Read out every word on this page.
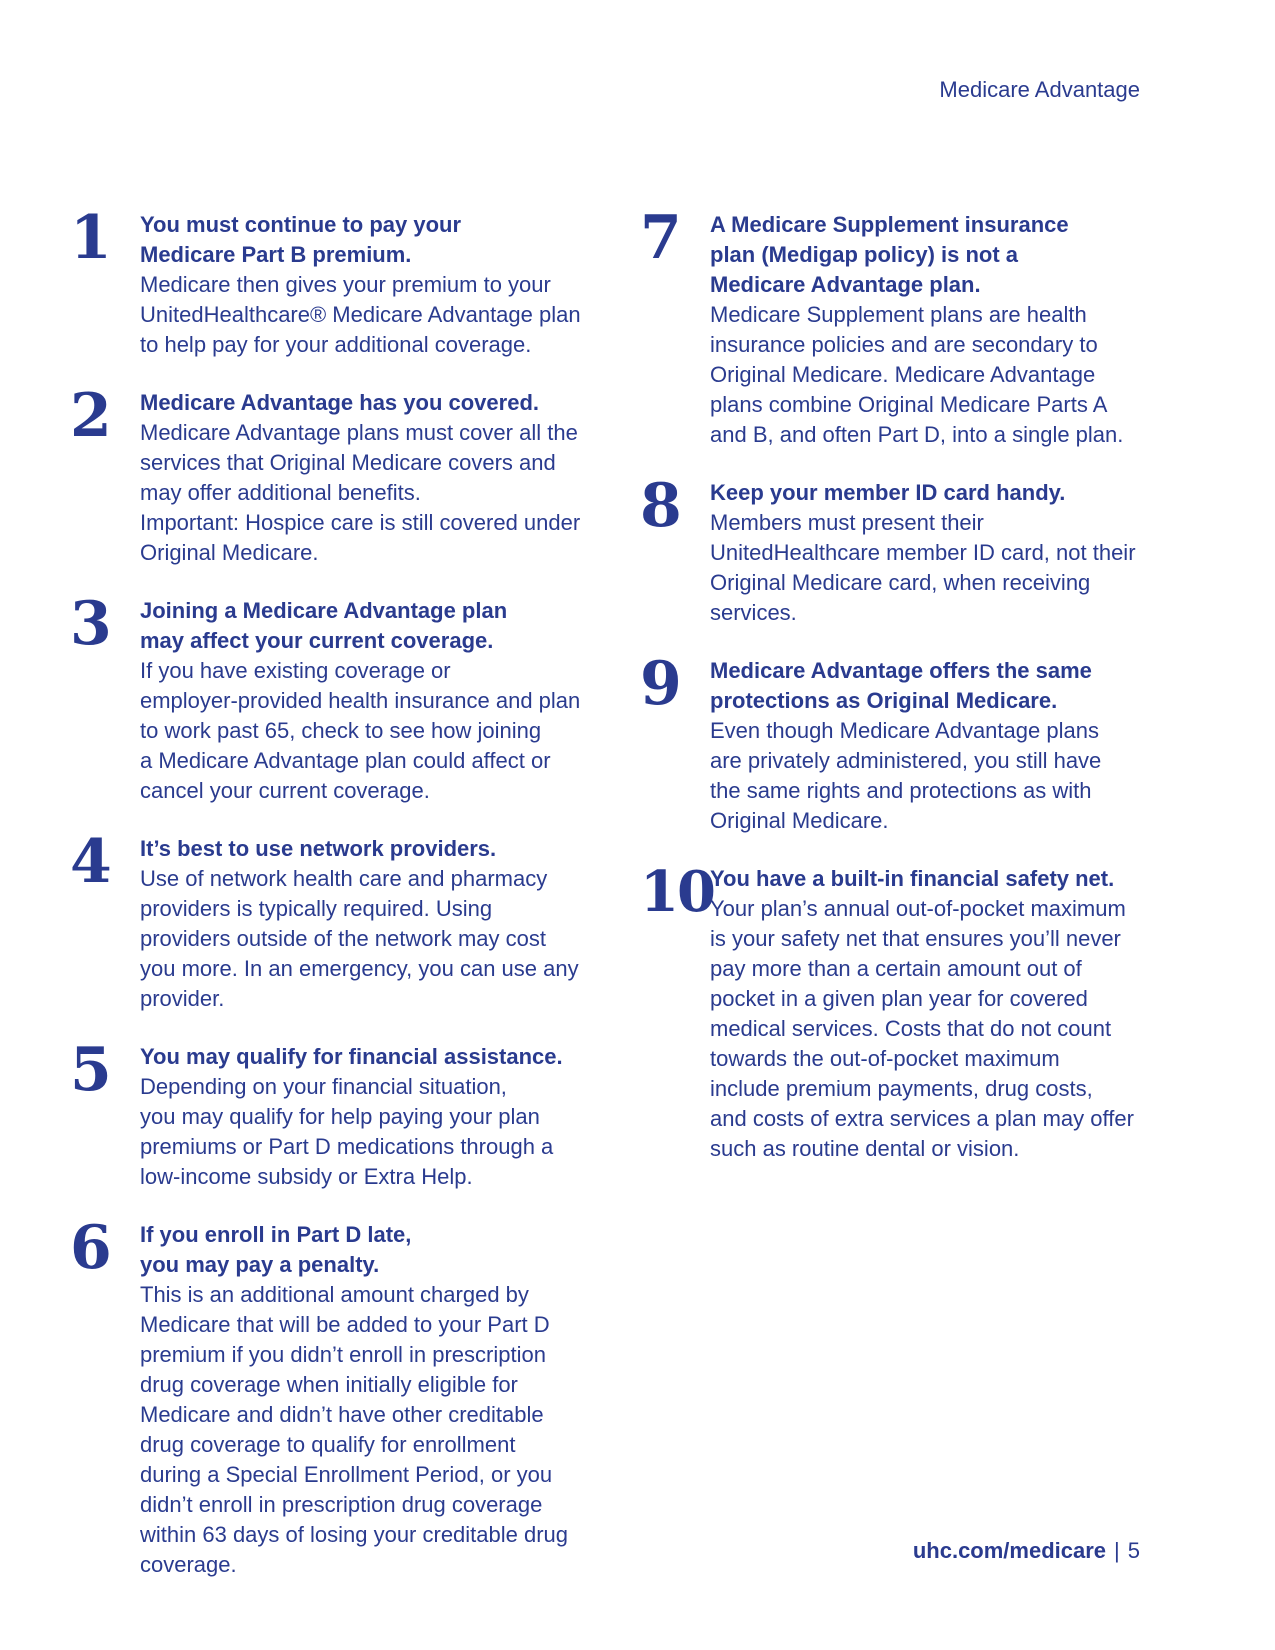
Medicare Advantage
1 You must continue to pay your
Medicare Part B premium.
Medicare then gives your premium to your
UnitedHealthcare® Medicare Advantage plan
to help pay for your additional coverage.
2 Medicare Advantage has you covered.
Medicare Advantage plans must cover all the
services that Original Medicare covers and
may offer additional benefits.
Important: Hospice care is still covered under
Original Medicare.
3 Joining a Medicare Advantage plan
may affect your current coverage.
If you have existing coverage or
employer-provided health insurance and plan
to work past 65, check to see how joining
a Medicare Advantage plan could affect or
cancel your current coverage.
4 It’s best to use network providers.
Use of network health care and pharmacy
providers is typically required. Using
providers outside of the network may cost
you more. In an emergency, you can use any
provider.
5 You may qualify for financial assistance.
Depending on your financial situation,
you may qualify for help paying your plan
premiums or Part D medications through a
low-income subsidy or Extra Help.
6 If you enroll in Part D late,
you may pay a penalty.
This is an additional amount charged by
Medicare that will be added to your Part D
premium if you didn’t enroll in prescription
drug coverage when initially eligible for
Medicare and didn’t have other creditable
drug coverage to qualify for enrollment
during a Special Enrollment Period, or you
didn’t enroll in prescription drug coverage
within 63 days of losing your creditable drug
coverage.
7 A Medicare Supplement insurance
plan (Medigap policy) is not a
Medicare Advantage plan.
Medicare Supplement plans are health
insurance policies and are secondary to
Original Medicare. Medicare Advantage
plans combine Original Medicare Parts A
and B, and often Part D, into a single plan.
8 Keep your member ID card handy.
Members must present their
UnitedHealthcare member ID card, not their
Original Medicare card, when receiving
services.
9 Medicare Advantage offers the same
protections as Original Medicare.
Even though Medicare Advantage plans
are privately administered, you still have
the same rights and protections as with
Original Medicare.
10
You have a built-in financial safety net.
Your plan’s annual out-of-pocket maximum
is your safety net that ensures you’ll never
pay more than a certain amount out of
pocket in a given plan year for covered
medical services. Costs that do not count
towards the out-of-pocket maximum
include premium payments, drug costs,
and costs of extra services a plan may offer
such as routine dental or vision.
uhc.com/medicare | 5
